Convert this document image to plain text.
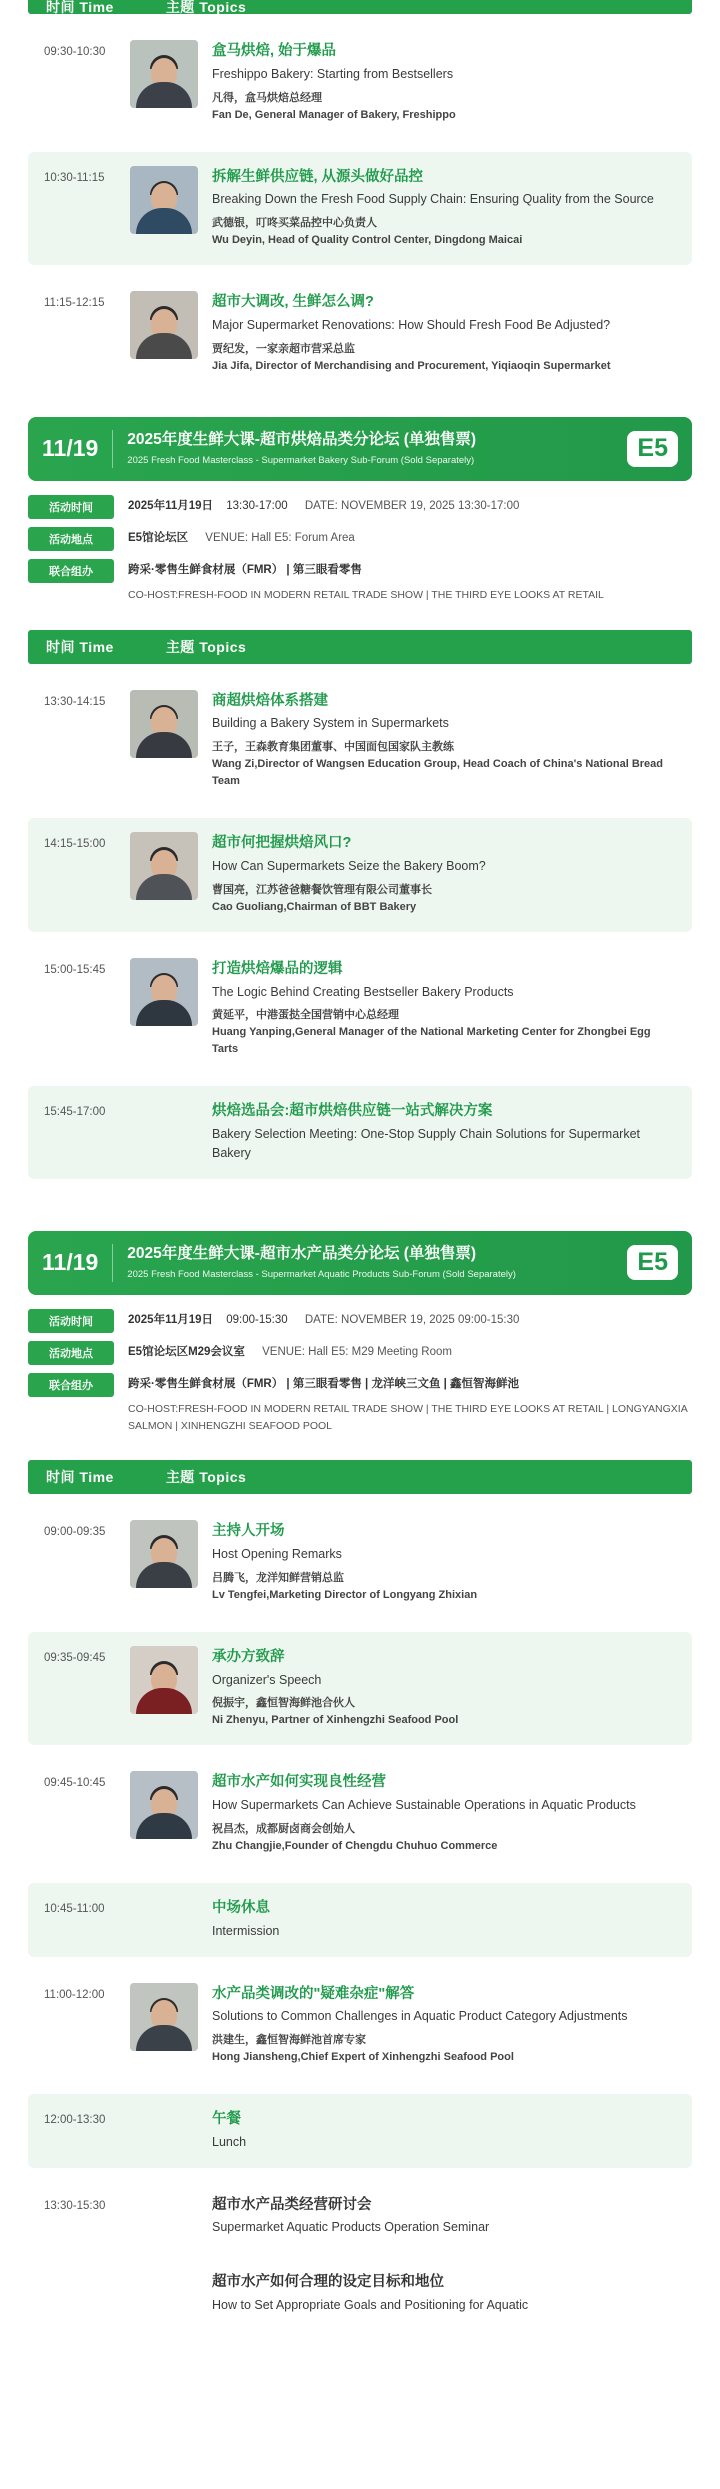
时间 Time	主题 Topics
09:30-10:30	盒马烘焙, 始于爆品
Freshippo Bakery: Starting from Bestsellers
凡得，盒马烘焙总经理
Fan De, General Manager of Bakery, Freshippo
10:30-11:15	拆解生鲜供应链, 从源头做好品控
Breaking Down the Fresh Food Supply Chain: Ensuring Quality from the Source
武德银，叮咚买菜品控中心负责人
Wu Deyin, Head of Quality Control Center, Dingdong Maicai
11:15-12:15	超市大调改, 生鲜怎么调?
Major Supermarket Renovations: How Should Fresh Food Be Adjusted?
贾纪发，一家亲超市营采总监
Jia Jifa, Director of Merchandising and Procurement, Yiqiaoqin Supermarket
11/19 2025年度生鲜大课-超市烘焙品类分论坛 (单独售票)
2025 Fresh Food Masterclass - Supermarket Bakery Sub-Forum (Sold Separately)	E5
活动时间	2025年11月19日 13:30-17:00 DATE: NOVEMBER 19, 2025 13:30-17:00
活动地点	E5馆论坛区 VENUE: Hall E5: Forum Area
联合组办	跨采·零售生鲜食材展（FMR） | 第三眼看零售
CO-HOST:FRESH-FOOD IN MODERN RETAIL TRADE SHOW | THE THIRD EYE LOOKS AT RETAIL
时间 Time	主题 Topics
13:30-14:15	商超烘焙体系搭建
Building a Bakery System in Supermarkets
王子，王森教育集团董事、中国面包国家队主教练
Wang Zi,Director of Wangsen Education Group, Head Coach of China's National Bread Team
14:15-15:00	超市何把握烘焙风口?
How Can Supermarkets Seize the Bakery Boom?
曹国亮，江苏爸爸糖餐饮管理有限公司董事长
Cao Guoliang,Chairman of BBT Bakery
15:00-15:45	打造烘焙爆品的逻辑
The Logic Behind Creating Bestseller Bakery Products
黄延平，中港蛋挞全国营销中心总经理
Huang Yanping,General Manager of the National Marketing Center for Zhongbei Egg Tarts
15:45-17:00	烘焙选品会:超市烘焙供应链一站式解决方案
Bakery Selection Meeting: One-Stop Supply Chain Solutions for Supermarket Bakery
11/19 2025年度生鲜大课-超市水产品类分论坛 (单独售票)
2025 Fresh Food Masterclass - Supermarket Aquatic Products Sub-Forum (Sold Separately)	E5
活动时间	2025年11月19日 09:00-15:30 DATE: NOVEMBER 19, 2025 09:00-15:30
活动地点	E5馆论坛区M29会议室 VENUE: Hall E5: M29 Meeting Room
联合组办	跨采·零售生鲜食材展（FMR） | 第三眼看零售 | 龙洋峡三文鱼 | 鑫恒智海鲜池
CO-HOST:FRESH-FOOD IN MODERN RETAIL TRADE SHOW | THE THIRD EYE LOOKS AT RETAIL | LONGYANGXIA SALMON | XINHENGZHI SEAFOOD POOL
时间 Time	主题 Topics
09:00-09:35	主持人开场
Host Opening Remarks
吕腾飞，龙洋知鲜营销总监
Lv Tengfei,Marketing Director of Longyang Zhixian
09:35-09:45	承办方致辞
Organizer's Speech
倪振宇，鑫恒智海鲜池合伙人
Ni Zhenyu, Partner of Xinhengzhi Seafood Pool
09:45-10:45	超市水产如何实现良性经营
How Supermarkets Can Achieve Sustainable Operations in Aquatic Products
祝昌杰，成都厨卤商会创始人
Zhu Changjie,Founder of Chengdu Chuhuo Commerce
10:45-11:00	中场休息
Intermission
11:00-12:00	水产品类调改的"疑难杂症"解答
Solutions to Common Challenges in Aquatic Product Category Adjustments
洪建生，鑫恒智海鲜池首席专家
Hong Jiansheng,Chief Expert of Xinhengzhi Seafood Pool
12:00-13:30	午餐
Lunch
13:30-15:30	超市水产品类经营研讨会
Supermarket Aquatic Products Operation Seminar
超市水产如何合理的设定目标和地位
How to Set Appropriate Goals and Positioning for Aquatic
